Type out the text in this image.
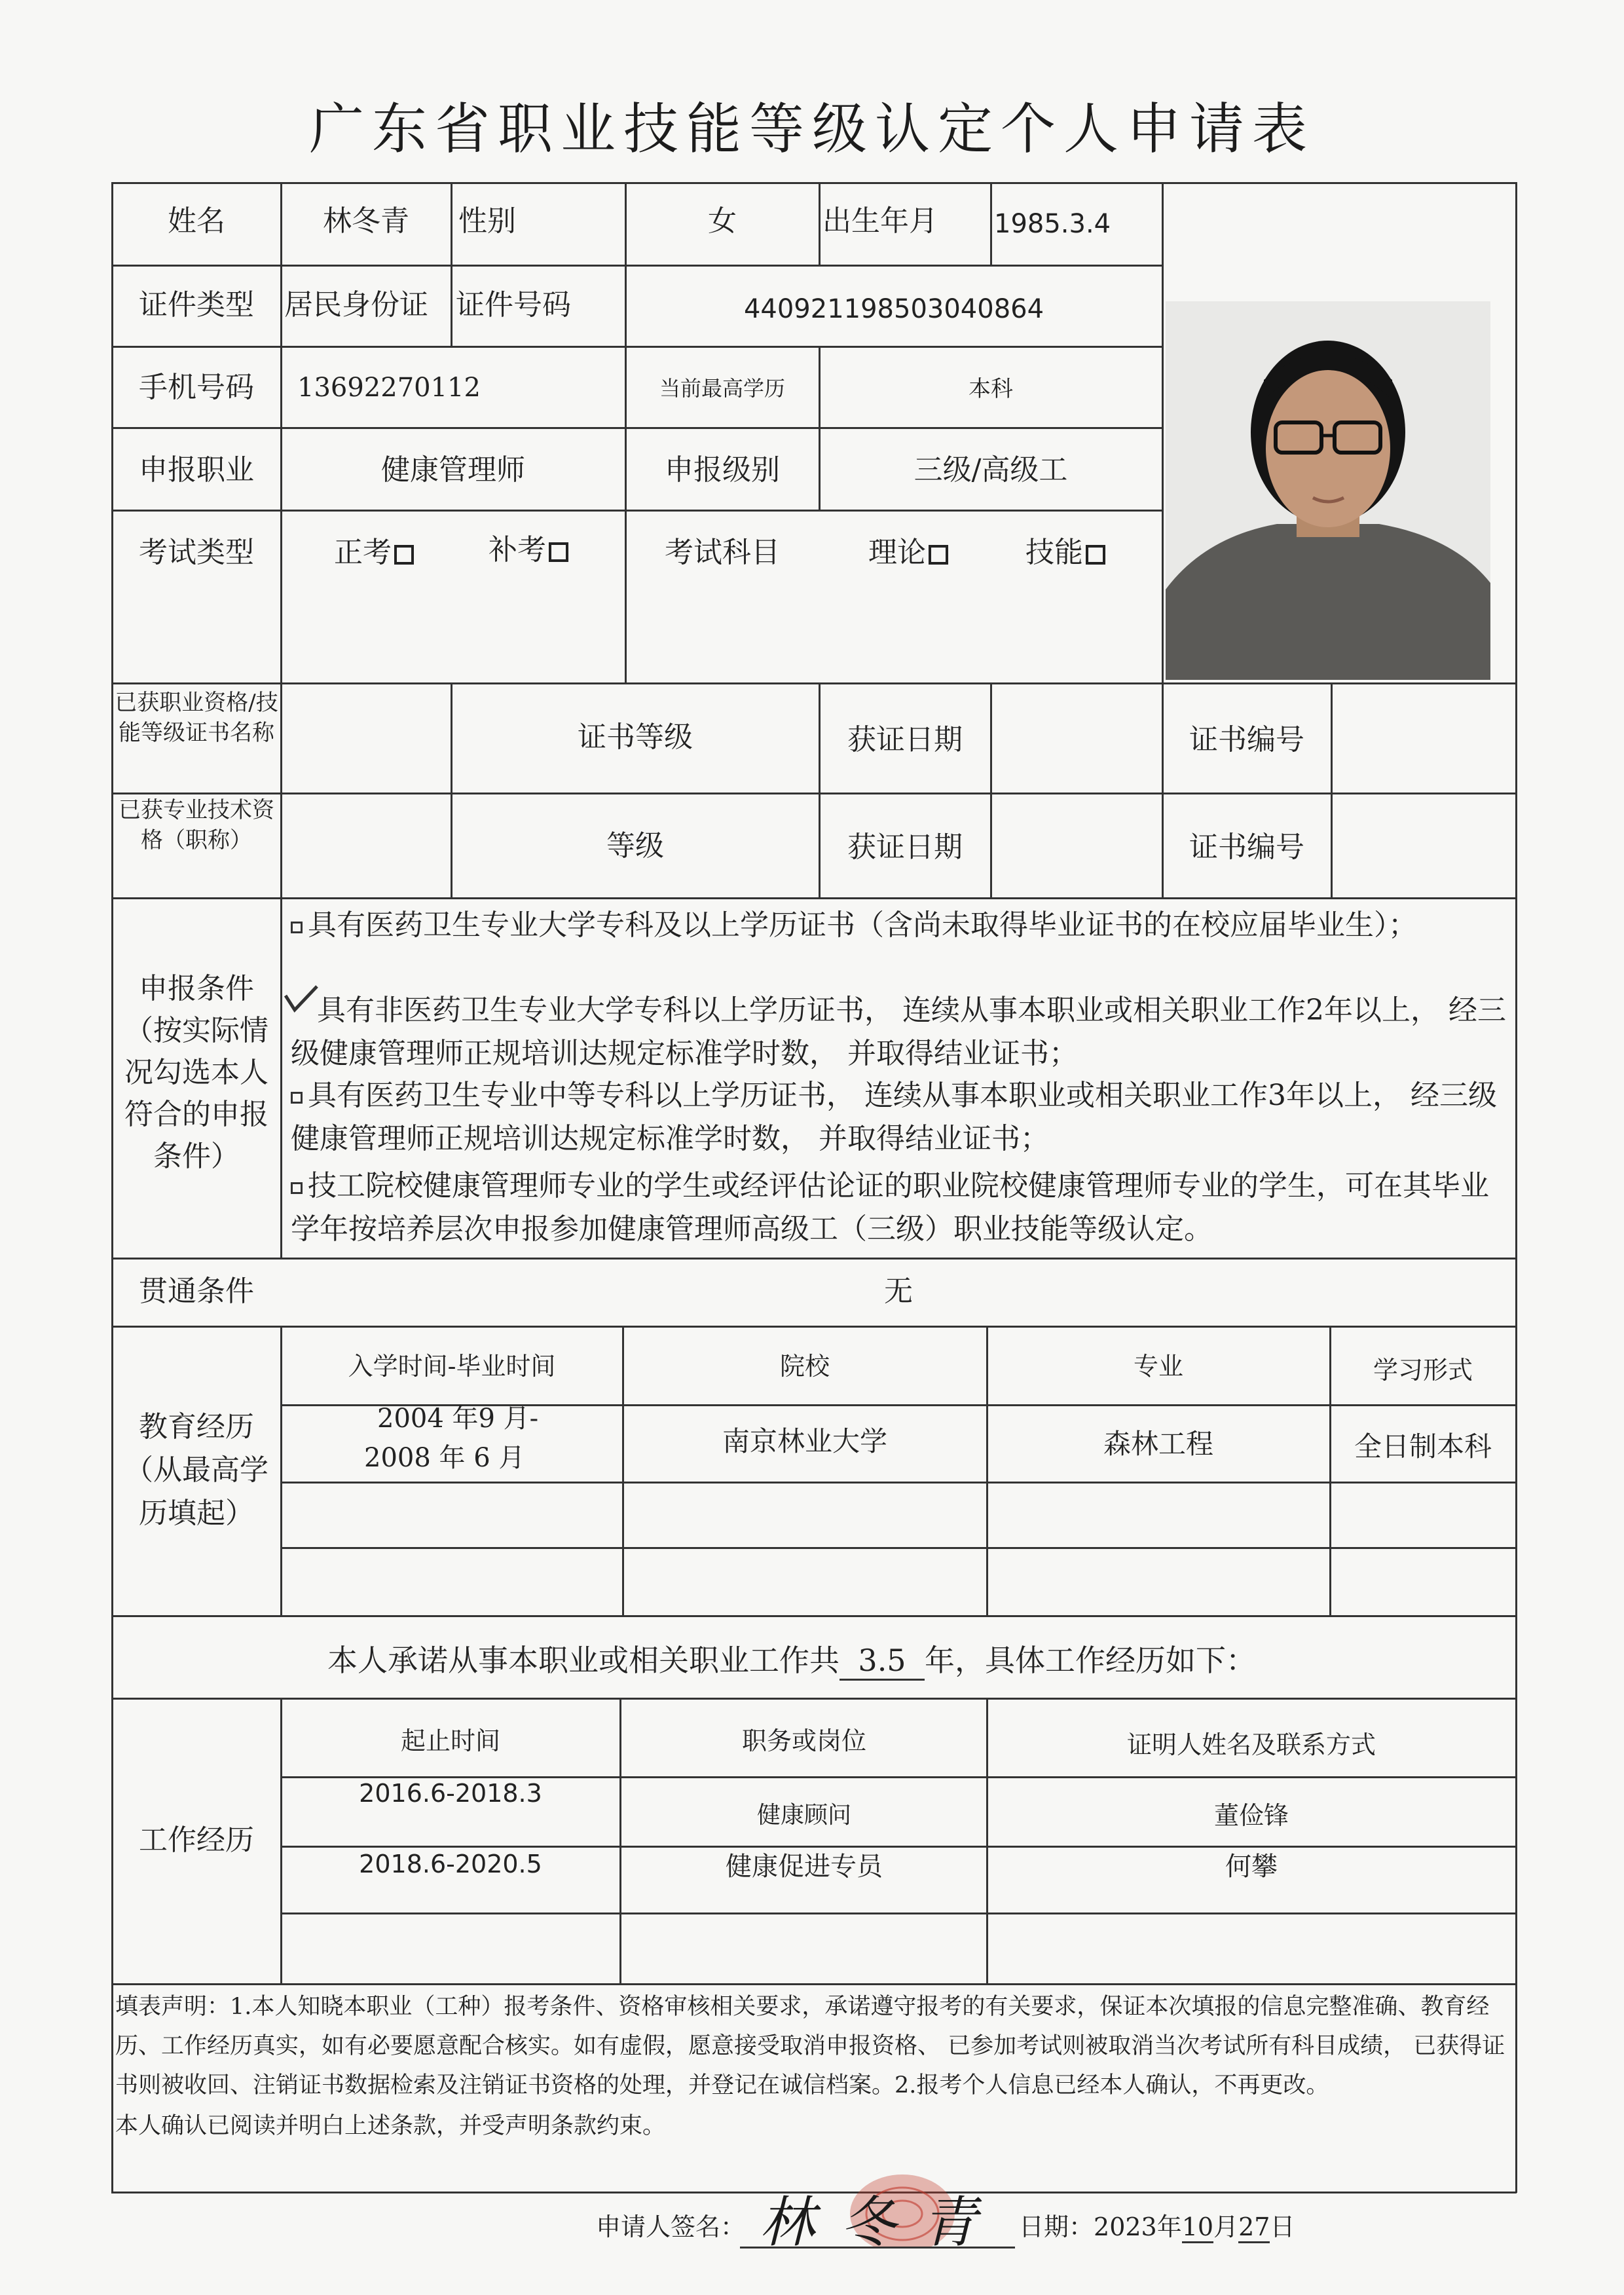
广东省职业技能等级认定个人申请表
姓名	林冬青	性别	女	出生年月 1985.3.4
证件类型	居民身份证 证件号码	440921198503040864
手机号码	13692270112	当前最高学历	本科
申报职业	健康管理师	申报级别	三级/高级工
考试类型	正考	补考	考试科目	理论	技能
已获职业资格/技能等级证书名称	证书等级	获证日期	证书编号
已获专业技术资格（职称）	等级	获证日期	证书编号
申报条件（按实际情况勾选本人符合的申报条件）
具有医药卫生专业大学专科及以上学历证书（含尚未取得毕业证书的在校应届毕业生）；
具有非医药卫生专业大学专科以上学历证书， 连续从事本职业或相关职业工作2年以上， 经三级健康管理师正规培训达规定标准学时数， 并取得结业证书；
具有医药卫生专业中等专科以上学历证书， 连续从事本职业或相关职业工作3年以上， 经三级健康管理师正规培训达规定标准学时数， 并取得结业证书；
技工院校健康管理师专业的学生或经评估论证的职业院校健康管理师专业的学生，可在其毕业学年按培养层次申报参加健康管理师高级工（三级）职业技能等级认定。
贯通条件	无
教育经历（从最高学历填起）
入学时间-毕业时间	院校	专业	学习形式
2004 年9 月-
2008 年 6 月
南京林业大学	森林工程	全日制本科
本人承诺从事本职业或相关职业工作共 3.5 年，具体工作经历如下：
工作经历
起止时间	职务或岗位	证明人姓名及联系方式
2016.6-2018.3
健康顾问	董俭锋
2018.6-2020.5	健康促进专员	何攀
填表声明：1.本人知晓本职业（工种）报考条件、资格审核相关要求，承诺遵守报考的有关要求，保证本次填报的信息完整准确、教育经历、工作经历真实，如有必要愿意配合核实。如有虚假，愿意接受取消申报资格、 已参加考试则被取消当次考试所有科目成绩， 已获得证书则被收回、注销证书数据检索及注销证书资格的处理，并登记在诚信档案。2.报考个人信息已经本人确认，不再更改。
本人确认已阅读并明白上述条款，并受声明条款约束。
申请人签名： 林冬青 日期：2023年10月27日
